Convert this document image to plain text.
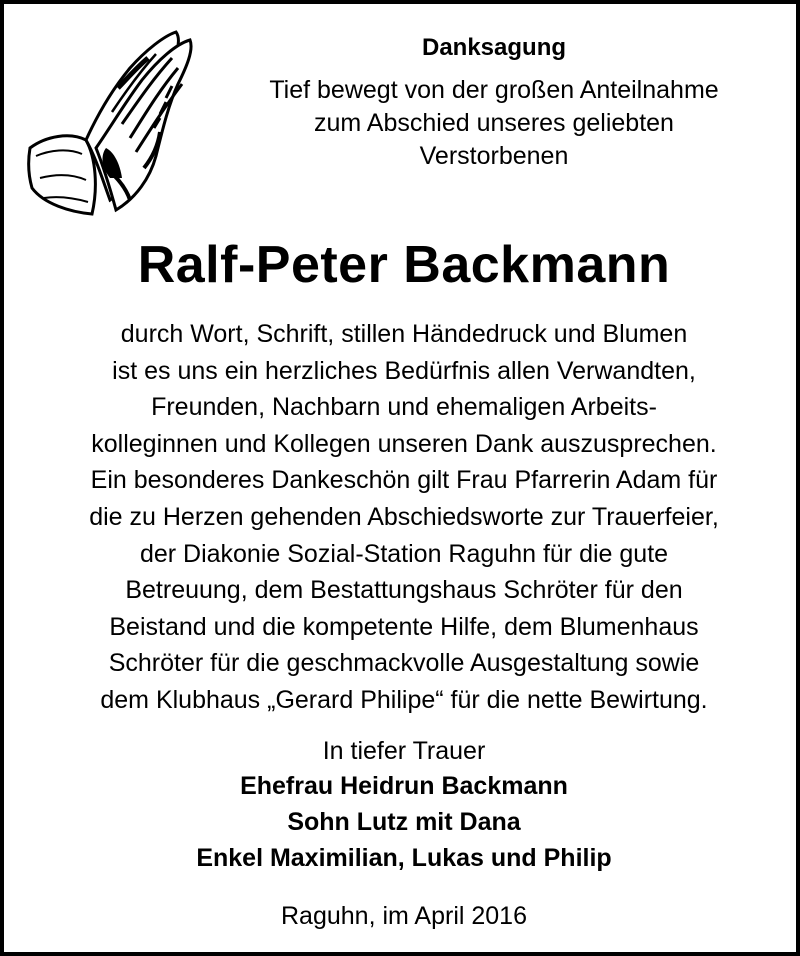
Danksagung
Tief bewegt von der großen Anteilnahme
zum Abschied unseres geliebten
Verstorbenen
Ralf-Peter Backmann
durch Wort, Schrift, stillen Händedruck und Blumen
ist es uns ein herzliches Bedürfnis allen Verwandten,
Freunden, Nachbarn und ehemaligen Arbeits-
kolleginnen und Kollegen unseren Dank auszusprechen.
Ein besonderes Dankeschön gilt Frau Pfarrerin Adam für
die zu Herzen gehenden Abschiedsworte zur Trauerfeier,
der Diakonie Sozial-Station Raguhn für die gute
Betreuung, dem Bestattungshaus Schröter für den
Beistand und die kompetente Hilfe, dem Blumenhaus
Schröter für die geschmackvolle Ausgestaltung sowie
dem Klubhaus „Gerard Philipe“ für die nette Bewirtung.
In tiefer Trauer
Ehefrau Heidrun Backmann
Sohn Lutz mit Dana
Enkel Maximilian, Lukas und Philip
Raguhn, im April 2016
